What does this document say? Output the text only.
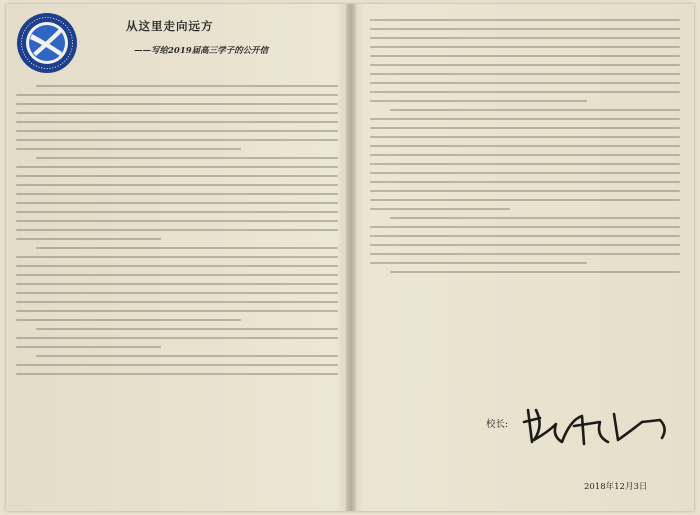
从这里走向远方
——写给2019届高三学子的公开信
校长:
2018年12月3日
